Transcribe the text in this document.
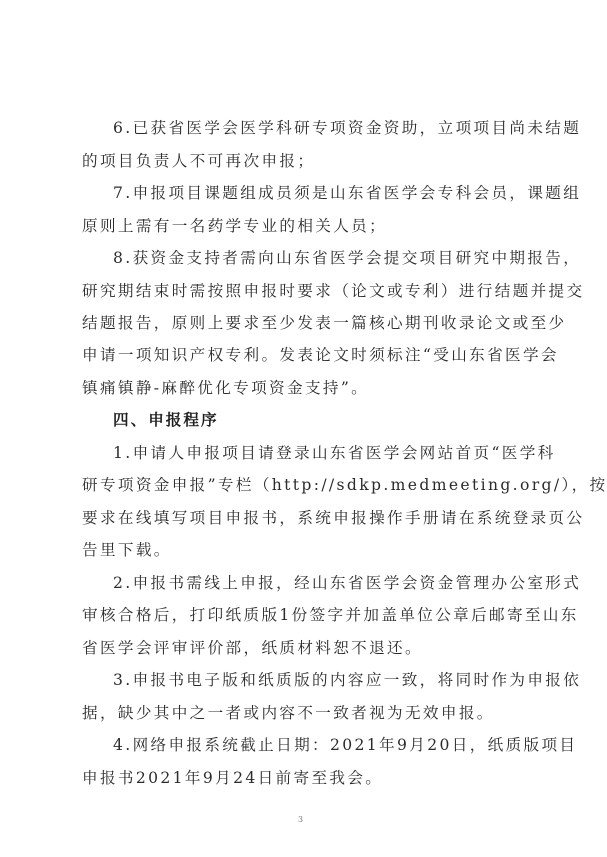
6.已获省医学会医学科研专项资金资助，立项项目尚未结题
的项目负责人不可再次申报；
7.申报项目课题组成员须是山东省医学会专科会员，课题组
原则上需有一名药学专业的相关人员；
8.获资金支持者需向山东省医学会提交项目研究中期报告，
研究期结束时需按照申报时要求（论文或专利）进行结题并提交
结题报告，原则上要求至少发表一篇核心期刊收录论文或至少
申请一项知识产权专利。发表论文时须标注“受山东省医学会
镇痛镇静-麻醉优化专项资金支持”。
四、申报程序
1.申请人申报项目请登录山东省医学会网站首页“医学科
研专项资金申报”专栏（http://sdkp.medmeeting.org/），按
要求在线填写项目申报书，系统申报操作手册请在系统登录页公
告里下载。
2.申报书需线上申报，经山东省医学会资金管理办公室形式
审核合格后，打印纸质版1份签字并加盖单位公章后邮寄至山东
省医学会评审评价部，纸质材料恕不退还。
3.申报书电子版和纸质版的内容应一致，将同时作为申报依
据，缺少其中之一者或内容不一致者视为无效申报。
4.网络申报系统截止日期：2021年9月20日，纸质版项目
申报书2021年9月24日前寄至我会。
3
